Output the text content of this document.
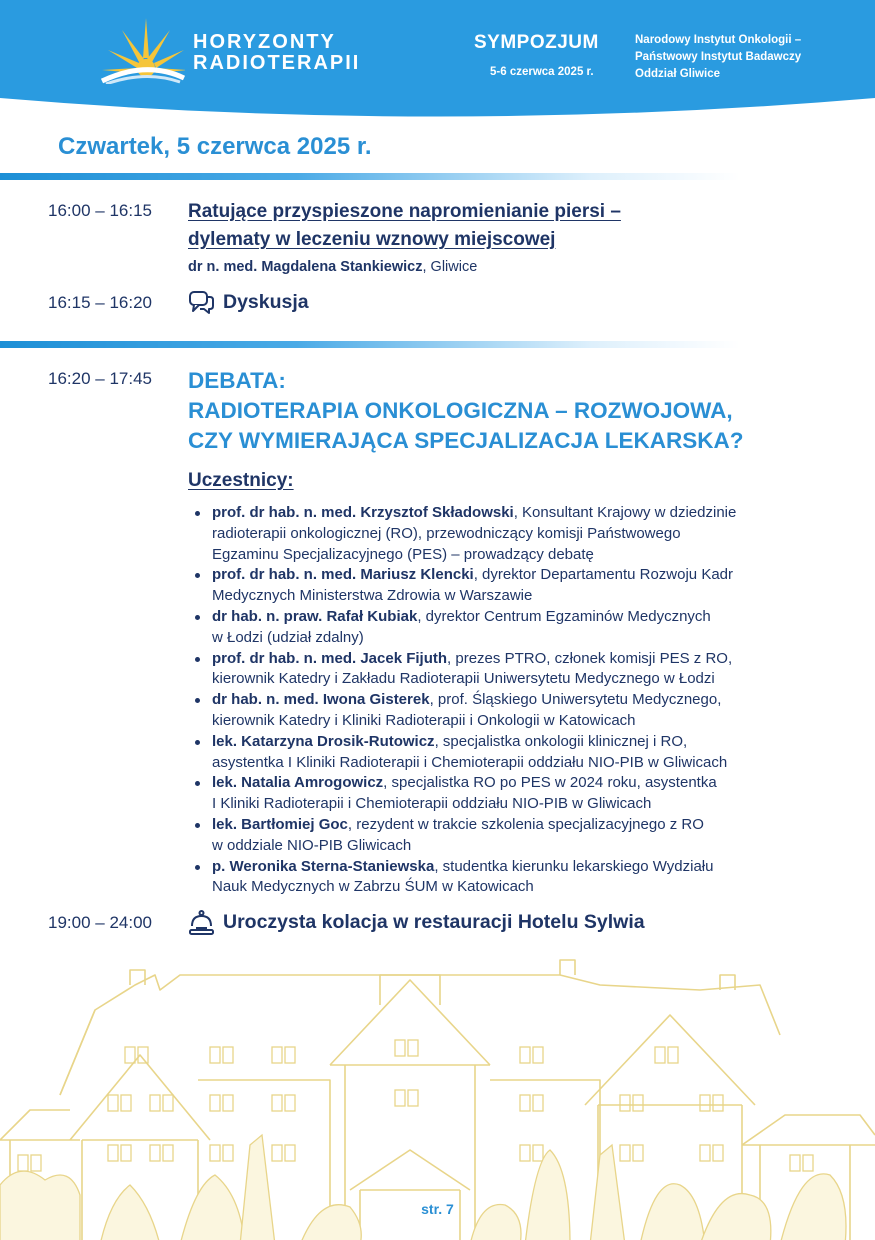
HORYZONTY
RADIOTERAPII
SYMPOZJUM
5-6 czerwca 2025 r.
Narodowy Instytut Onkologii –
Państwowy Instytut Badawczy
Oddział Gliwice
Czwartek, 5 czerwca 2025 r.
16:00 – 16:15 Ratujące przyspieszone napromienianie piersi –
dylematy w leczeniu wznowy miejscowej
dr n. med. Magdalena Stankiewicz, Gliwice
16:15 – 16:20	Dyskusja
16:20 – 17:45 DEBATA:
RADIOTERAPIA ONKOLOGICZNA – ROZWOJOWA,
CZY WYMIERAJĄCA SPECJALIZACJA LEKARSKA?
Uczestnicy:
prof. dr hab. n. med. Krzysztof Składowski, Konsultant Krajowy w dziedzinie
radioterapii onkologicznej (RO), przewodniczący komisji Państwowego
Egzaminu Specjalizacyjnego (PES) – prowadzący debatę
prof. dr hab. n. med. Mariusz Klencki, dyrektor Departamentu Rozwoju Kadr
Medycznych Ministerstwa Zdrowia w Warszawie
dr hab. n. praw. Rafał Kubiak, dyrektor Centrum Egzaminów Medycznych
w Łodzi (udział zdalny)
prof. dr hab. n. med. Jacek Fijuth, prezes PTRO, członek komisji PES z RO,
kierownik Katedry i Zakładu Radioterapii Uniwersytetu Medycznego w Łodzi
dr hab. n. med. Iwona Gisterek, prof. Śląskiego Uniwersytetu Medycznego,
kierownik Katedry i Kliniki Radioterapii i Onkologii w Katowicach
lek. Katarzyna Drosik-Rutowicz, specjalistka onkologii klinicznej i RO,
asystentka I Kliniki Radioterapii i Chemioterapii oddziału NIO-PIB w Gliwicach
lek. Natalia Amrogowicz, specjalistka RO po PES w 2024 roku, asystentka
I Kliniki Radioterapii i Chemioterapii oddziału NIO-PIB w Gliwicach
lek. Bartłomiej Goc, rezydent w trakcie szkolenia specjalizacyjnego z RO
w oddziale NIO-PIB Gliwicach
p. Weronika Sterna-Staniewska, studentka kierunku lekarskiego Wydziału
Nauk Medycznych w Zabrzu ŚUM w Katowicach
19:00 – 24:00	Uroczysta kolacja w restauracji Hotelu Sylwia
str. 7
